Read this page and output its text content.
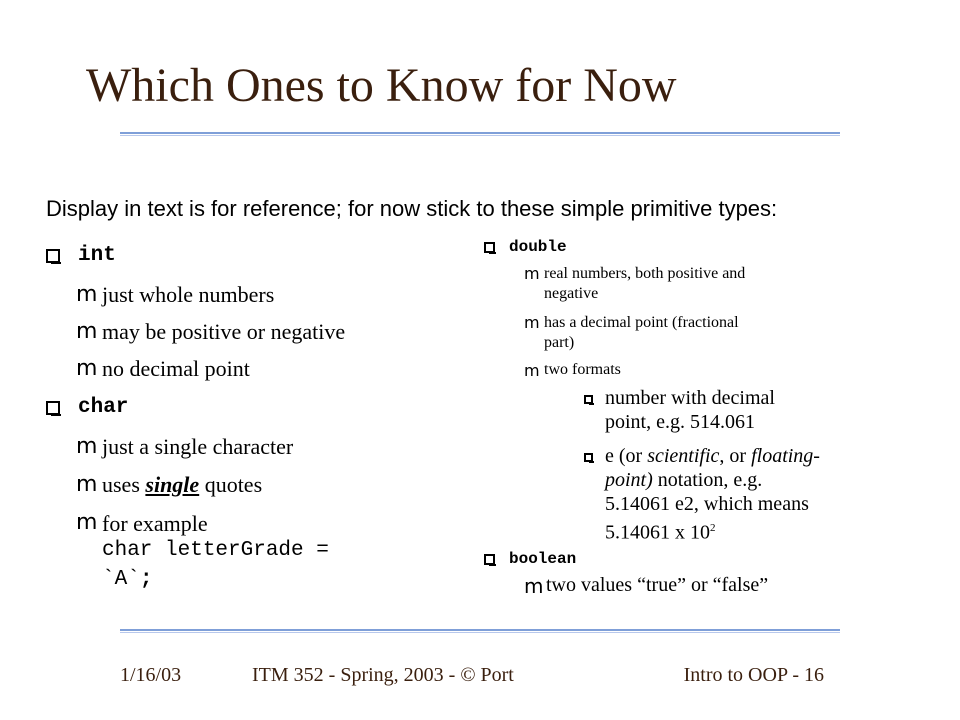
Which Ones to Know for Now
Display in text is for reference; for now stick to these simple primitive types:
int
m just whole numbers
m may be positive or negative
m no decimal point
char
m just a single character
m uses single quotes
m for example
char letterGrade =
`A`;
double
m real numbers, both positive and
negative
m has a decimal point (fractional
part)
m two formats
number with decimal
point, e.g. 514.061
e (or scientific, or floating-
point) notation, e.g.
5.14061 e2, which means
5.14061 x $10^2$
boolean
m two values “true” or “false”
1/16/03	ITM 352 - Spring, 2003 - © Port	Intro to OOP - 16
